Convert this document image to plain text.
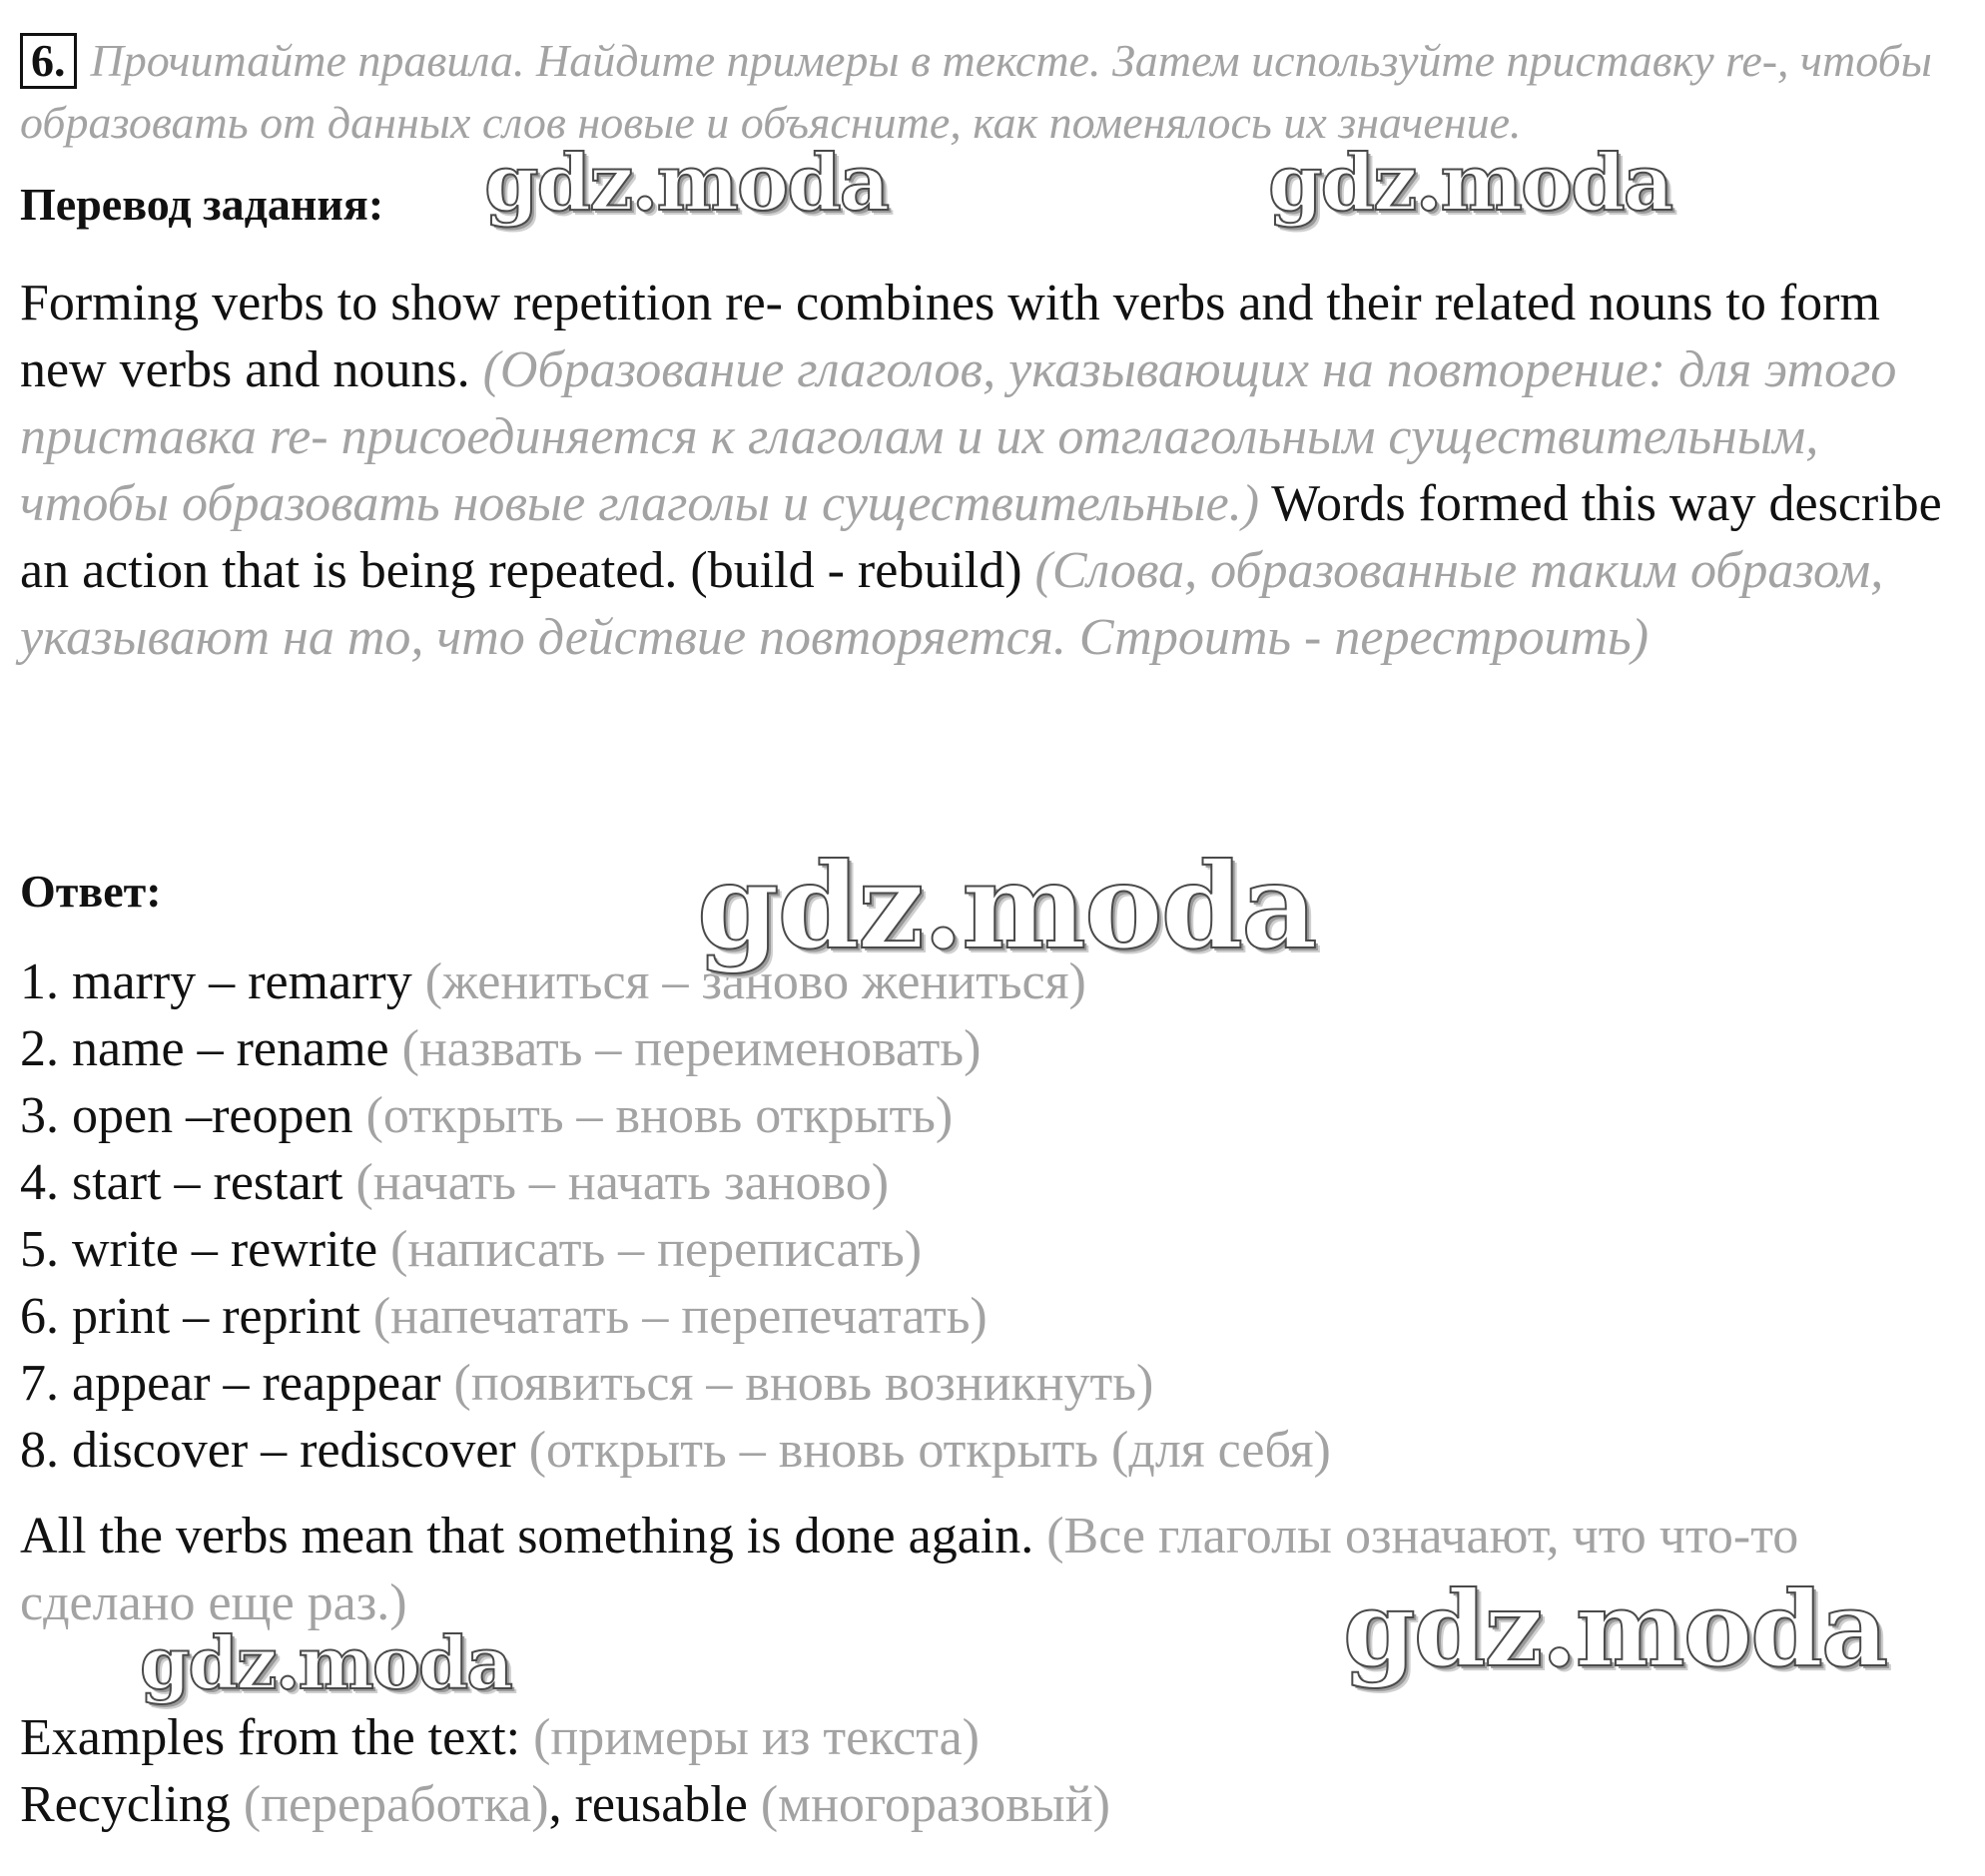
6. Прочитайте правила. Найдите примеры в тексте. Затем используйте приставку re-, чтобы образовать от данных слов новые и объясните, как поменялось их значение.
Перевод задания:
Forming verbs to show repetition re- combines with verbs and their related nouns to form new verbs and nouns. (Образование глаголов, указывающих на повторение: для этого приставка re- присоединяется к глаголам и их отглагольным существительным, чтобы образовать новые глаголы и существительные.) Words formed this way describe an action that is being repeated. (build - rebuild) (Слова, образованные таким образом, указывают на то, что действие повторяется. Строить - перестроить)
Ответ:
1. marry – remarry (жениться – заново жениться)
2. name – rename (назвать – переименовать)
3. open –reopen (открыть – вновь открыть)
4. start – restart (начать – начать заново)
5. write – rewrite (написать – переписать)
6. print – reprint (напечатать – перепечатать)
7. appear – reappear (появиться – вновь возникнуть)
8. discover – rediscover (открыть – вновь открыть (для себя)
All the verbs mean that something is done again. (Все глаголы означают, что что-то сделано еще раз.)
Examples from the text: (примеры из текста)
Recycling (переработка), reusable (многоразовый)
gdz.moda	gdz.moda
gdz.moda
gdz.moda
gdz.moda
